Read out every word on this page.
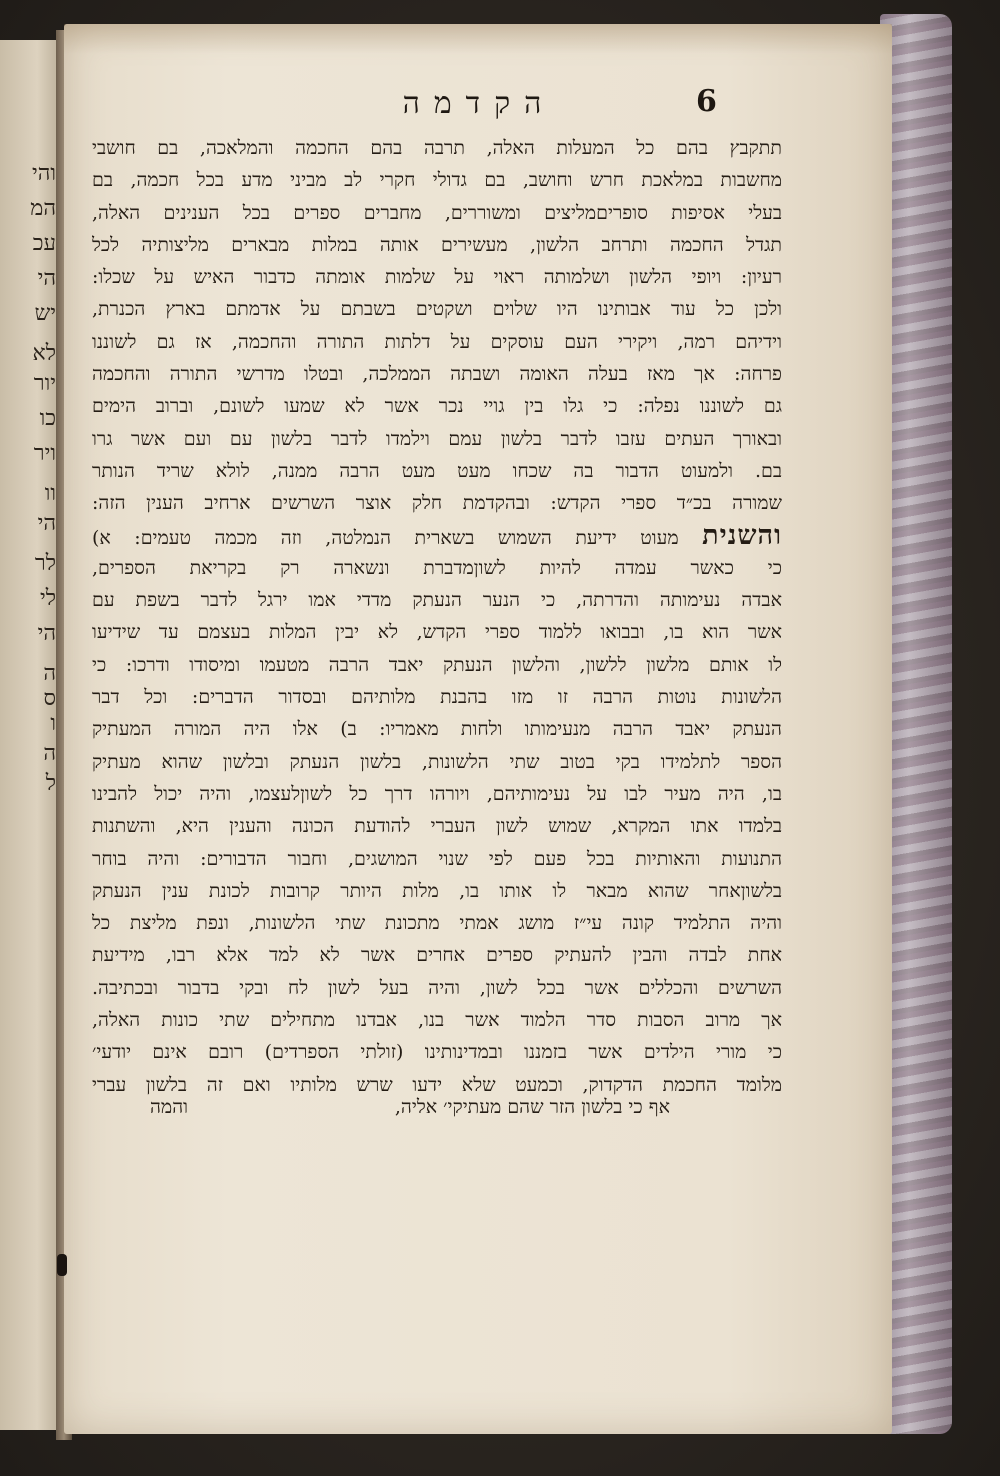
והי
המ
עכ
הי
יש
לא
יור
כו
ויר
וו
הי
לר
לי
הי
ה
ס
ו
ה
ל
הקדמה	6
תתקבץ בהם כל המעלות האלה, תרבה בהם החכמה והמלאכה, בם חושבי
מחשבות במלאכת חרש וחושב, בם גדולי חקרי לב מביני מדע בכל חכמה, בם
בעלי אסיפות סופריםמליצים ומשוררים, מחברים ספרים בכל הענינים האלה,
תגדל החכמה ותרחב הלשון, מעשירים אותה במלות מבארים מליצותיה לכל
רעיון: ויופי הלשון ושלמותה ראוי על שלמות אומתה כדבור האיש על שכלו:
ולכן כל עוד אבותינו היו שלוים ושקטים בשבתם על אדמתם בארץ הכנרת,
וידיהם רמה, ויקירי העם עוסקים על דלתות התורה והחכמה, אז גם לשוננו
פרחה: אך מאז בעלה האומה ושבתה הממלכה, ובטלו מדרשי התורה והחכמה
גם לשוננו נפלה: כי גלו בין גויי נכר אשר לא שמעו לשונם, וברוב הימים
ובאורך העתים עזבו לדבר בלשון עמם וילמדו לדבר בלשון עם ועם אשר גרו
בם. ולמעוט הדבור בה שכחו מעט מעט הרבה ממנה, לולא שריד הנותר
שמורה בכ״ד ספרי הקדש: ובהקדמת חלק אוצר השרשים ארחיב הענין הזה:
והשנית מעוט ידיעת השמוש בשארית הנמלטה, וזה מכמה טעמים: א)
כי כאשר עמדה להיות לשוןמדברת ונשארה רק בקריאת הספרים,
אבדה נעימותה והדרתה, כי הנער הנעתק מדדי אמו ירגל לדבר בשפת עם
אשר הוא בו, ובבואו ללמוד ספרי הקדש, לא יבין המלות בעצמם עד שידיעו
לו אותם מלשון ללשון, והלשון הנעתק יאבד הרבה מטעמו ומיסודו ודרכו: כי
הלשונות נוטות הרבה זו מזו בהבנת מלותיהם ובסדור הדברים: וכל דבר
הנעתק יאבד הרבה מנעימותו ולחות מאמריו: ב) אלו היה המורה המעתיק
הספר לתלמידו בקי בטוב שתי הלשונות, בלשון הנעתק ובלשון שהוא מעתיק
בו, היה מעיר לבו על נעימותיהם, ויורהו דרך כל לשוןלעצמו, והיה יכול להבינו
בלמדו אתו המקרא, שמוש לשון העברי להודעת הכונה והענין היא, והשתנות
התנועות והאותיות בכל פעם לפי שנוי המושגים, וחבור הדבורים: והיה בוחר
בלשוןאחר שהוא מבאר לו אותו בו, מלות היותר קרובות לכונת ענין הנעתק
והיה התלמיד קונה עי״ז מושג אמתי מתכונת שתי הלשונות, ונפת מליצת כל
אחת לבדה והבין להעתיק ספרים אחרים אשר לא למד אלא רבו, מידיעת
השרשים והכללים אשר בכל לשון, והיה בעל לשון לח ובקי בדבור ובכתיבה.
אך מרוב הסבות סדר הלמוד אשר בנו, אבדנו מתחילים שתי כונות האלה,
כי מורי הילדים אשר בזמננו ובמדינותינו (זולתי הספרדים) רובם אינם יודעי׳
מלומד החכמת הדקדוק, וכמעט שלא ידעו שרש מלותיו ואם זה בלשון עברי
אף כי בלשון הזר שהם מעתיקי׳ אליה,
והמה
